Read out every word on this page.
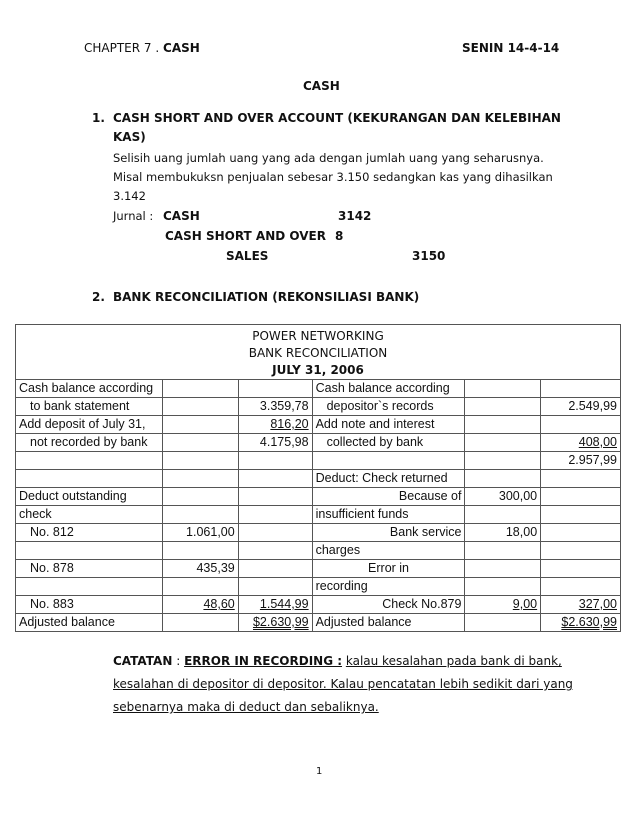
CHAPTER 7 . CASH	SENIN 14-4-14
CASH
1. CASH SHORT AND OVER ACCOUNT (KEKURANGAN DAN KELEBIHAN
KAS)
Selisih uang jumlah uang yang ada dengan jumlah uang yang seharusnya.
Misal membukuksn penjualan sebesar 3.150 sedangkan kas yang dihasilkan
3.142
Jurnal : CASH	3142
CASH SHORT AND OVER 8
SALES	3150
2. BANK RECONCILIATION (REKONSILIASI BANK)
POWER NETWORKING
BANK RECONCILIATION
JULY 31, 2006					

Cash balance according			Cash balance according		
to bank statement		3.359,78	depositor`s records		2.549,99
Add deposit of July 31,		816,20	Add note and interest		
not recorded by bank		4.175,98	collected by bank		408,00
					2.957,99
			Deduct: Check returned		
Deduct outstanding			Because of	300,00	
check			insufficient funds		
No. 812	1.061,00		Bank service	18,00	
			charges		
No. 878	435,39		Error in		
			recording		
No. 883	48,60	1.544,99	Check No.879	9,00	327,00
Adjusted balance		$2.630,99	Adjusted balance		$2.630,99
CATATAN : ERROR IN RECORDING : kalau kesalahan pada bank di bank,
kesalahan di depositor di depositor. Kalau pencatatan lebih sedikit dari yang
sebenarnya maka di deduct dan sebaliknya.
1
